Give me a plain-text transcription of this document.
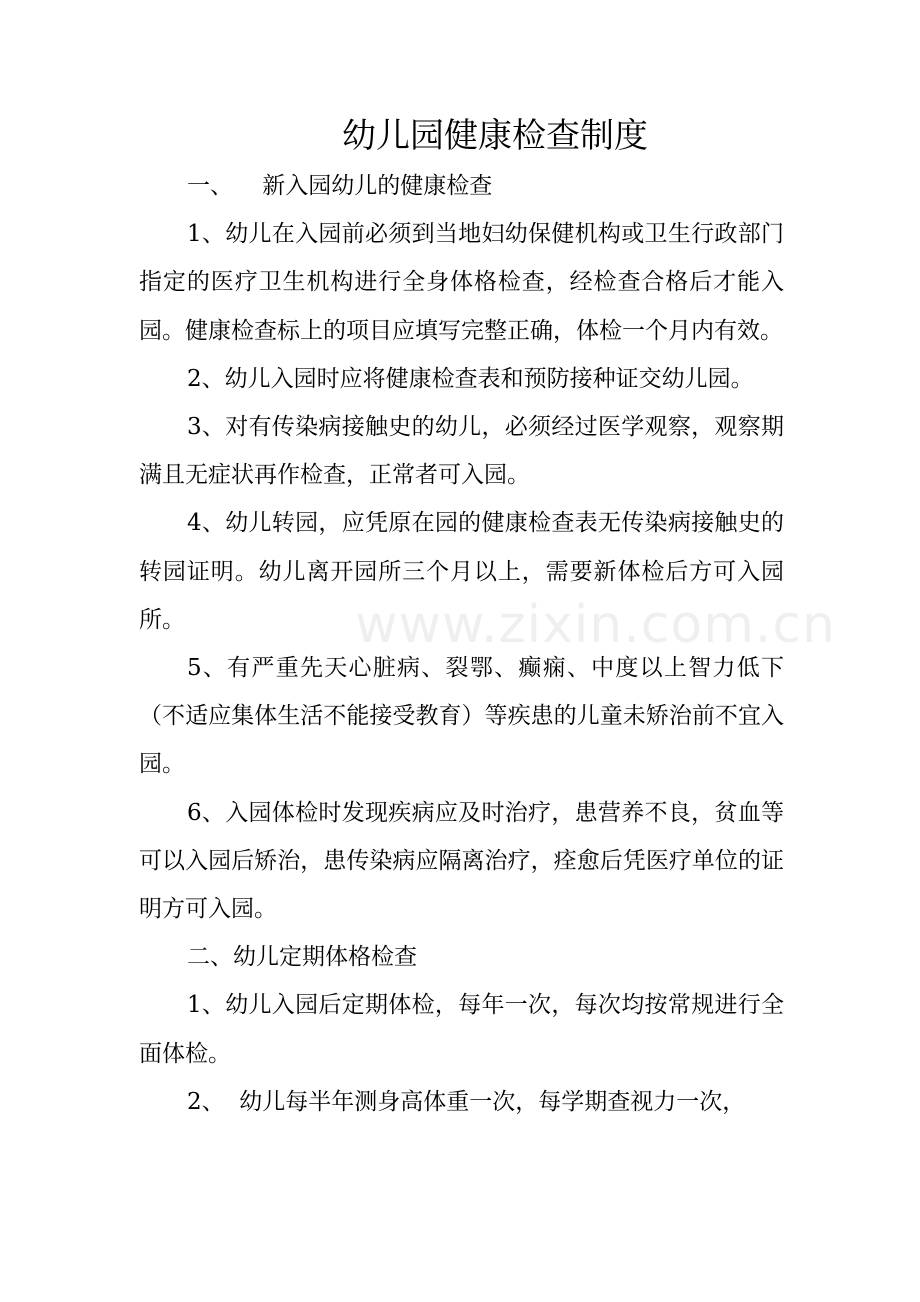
幼儿园健康检查制度

一、    新入园幼儿的健康检查

1、幼儿在入园前必须到当地妇幼保健机构或卫生行政部门指定的医疗卫生机构进行全身体格检查，经检查合格后才能入园。健康检查标上的项目应填写完整正确，体检一个月内有效。

2、幼儿入园时应将健康检查表和预防接种证交幼儿园。

3、对有传染病接触史的幼儿，必须经过医学观察，观察期满且无症状再作检查，正常者可入园。

4、幼儿转园，应凭原在园的健康检查表无传染病接触史的转园证明。幼儿离开园所三个月以上，需要新体检后方可入园所。

5、有严重先天心脏病、裂鄂、癫痫、中度以上智力低下（不适应集体生活不能接受教育）等疾患的儿童未矫治前不宜入园。

6、入园体检时发现疾病应及时治疗，患营养不良，贫血等可以入园后矫治，患传染病应隔离治疗，痊愈后凭医疗单位的证明方可入园。

二、幼儿定期体格检查

1、幼儿入园后定期体检，每年一次，每次均按常规进行全面体检。

2、  幼儿每半年测身高体重一次，每学期查视力一次，

www.zixin.com.cn
